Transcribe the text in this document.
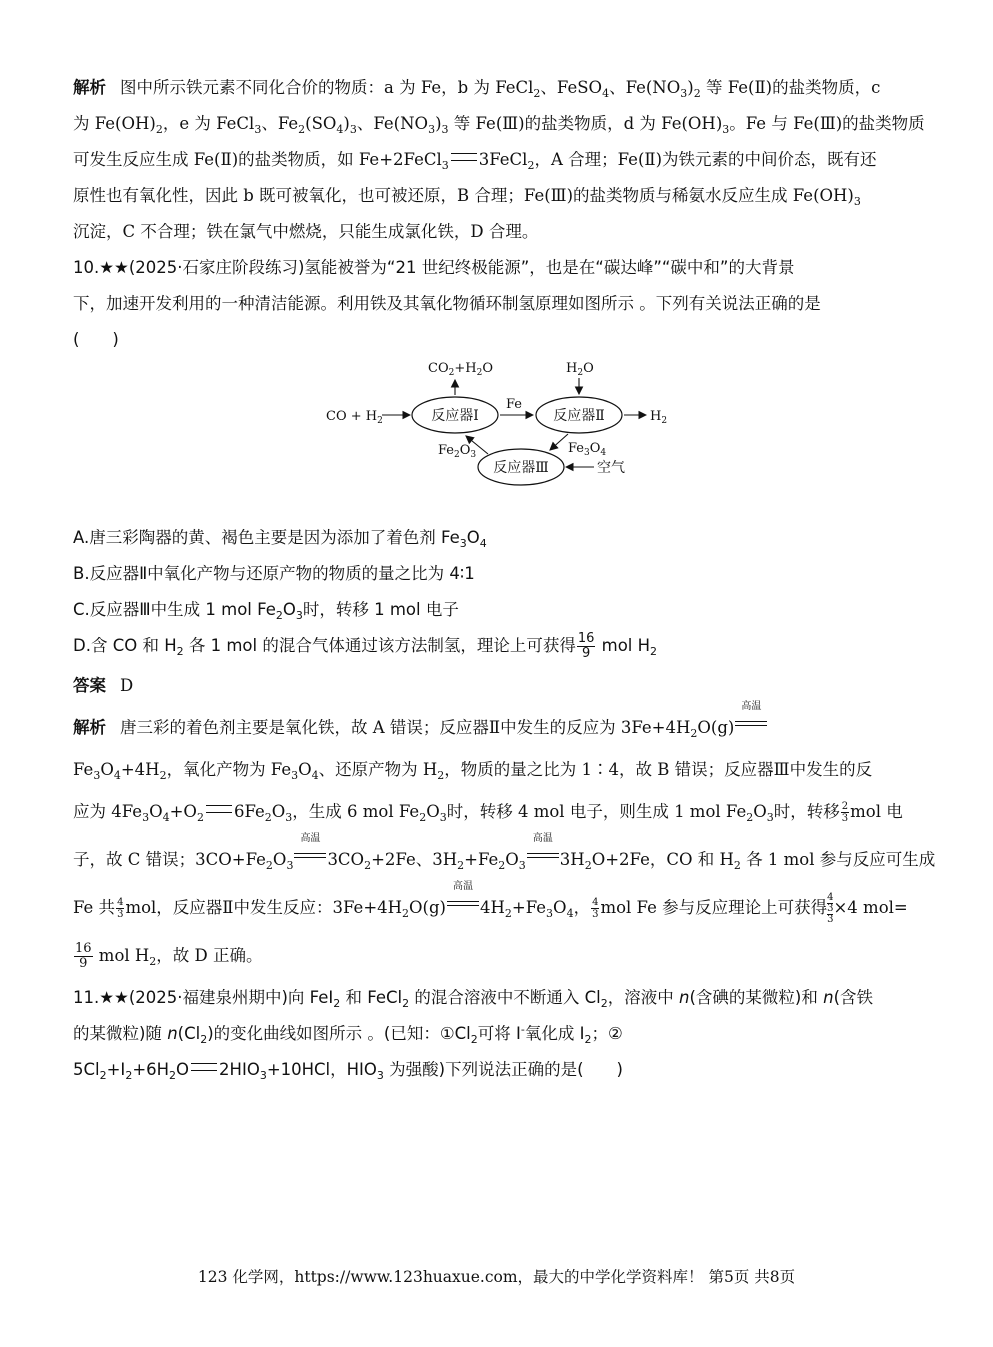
解析 图中所示铁元素不同化合价的物质：a 为 Fe，b 为 FeCl$_2$、FeSO$_4$、$Fe(NO_3)_2$ 等 Fe(Ⅱ)的盐类物质，c
为 $Fe(OH)_2$，e 为 FeCl$_3$、$Fe_2(SO_4)_3$、$Fe(NO_3)_3$ 等 Fe(Ⅲ)的盐类物质，d 为 $Fe(OH)_3$。Fe 与 Fe(Ⅲ)的盐类物质
可发生反应生成 Fe(Ⅱ)的盐类物质，如 Fe+2FeCl$_3$ 3FeCl$_2$，A 合理；Fe(Ⅱ)为铁元素的中间价态，既有还
原性也有氧化性，因此 b 既可被氧化，也可被还原，B 合理；Fe(Ⅲ)的盐类物质与稀氨水反应生成 $Fe(OH)_3$
沉淀，C 不合理；铁在氯气中燃烧，只能生成氯化铁，D 合理。
10.★★(2025·石家庄阶段练习)氢能被誉为“21 世纪终极能源”，也是在“碳达峰”“碳中和”的大背景
下，加速开发利用的一种清洁能源。利用铁及其氧化物循环制氢原理如图所示 。下列有关说法正确的是
(　　)
A.唐三彩陶器的黄、褐色主要是因为添加了着色剂 $Fe_3O_4$
B.反应器Ⅱ中氧化产物与还原产物的物质的量之比为 4∶1
C.反应器Ⅲ中生成 1 mol $Fe_2O_3$时，转移 1 mol 电子
D.含 CO 和 $H_2$ 各 1 mol 的混合气体通过该方法制氢，理论上可获得 $\frac{16}{9}$ mol $H_2$
答案 D
解析 唐三彩的着色剂主要是氧化铁，故 A 错误；反应器Ⅱ中发生的反应为 $3Fe+4H_2O(g)$
高温
$Fe_3O_4+4H_2$，氧化产物为 $Fe_3O_4$、还原产物为 $H_2$，物质的量之比为 1∶4，故 B 错误；反应器Ⅲ中发生的反
应为 $4Fe_3O_4+O_2$ $6Fe_2O_3$，生成 6 mol $Fe_2O_3$时，转移 4 mol 电子，则生成 1 mol $Fe_2O_3$时，转移 $\frac{2}{3}$ mol 电
子，故 C 错误；$3CO+Fe_2O_3$
高温
$3CO_2+2Fe$、$3H_2+Fe_2O_3$
高温
$3H_2O+2Fe$，CO 和 $H_2$ 各 1 mol 参与反应可生成
Fe 共 $\frac{4}{3}$ mol，反应器Ⅱ中发生反应：$3Fe+4H_2O(g)$
高温
$4H_2+Fe_3O_4$， $\frac{4}{3}$ mol Fe 参与反应理论上可获得 $\frac{4}{\frac{3}{3}} \times 4$ mol=
$\frac{16}{9}$ mol $H_2$，故 D 正确。
11.★★(2025·福建泉州期中)向 FeI$_2$ 和 FeCl$_2$ 的混合溶液中不断通入 $Cl_2$，溶液中 n(含碘的某微粒)和 n(含铁
的某微粒)随 $n(Cl_2)$的变化曲线如图所示 。(已知：$①Cl_2$可将 I-氧化成 $I_2$；②
$5Cl_2+I_2+6H_2O$ $2HIO_3+10HCl$，$HIO_3$ 为强酸)下列说法正确的是(　　)
反应器Ⅰ	反应器Ⅱ
反应器Ⅲ
CO + $H_2$
$CO_2+H_2O$
Fe
$H_2O$
$H_2$
$Fe_3O_4$
$Fe_2O_3$
空气
123 化学网，https://www.123huaxue.com，最大的中学化学资料库！ 第5页 共8页
